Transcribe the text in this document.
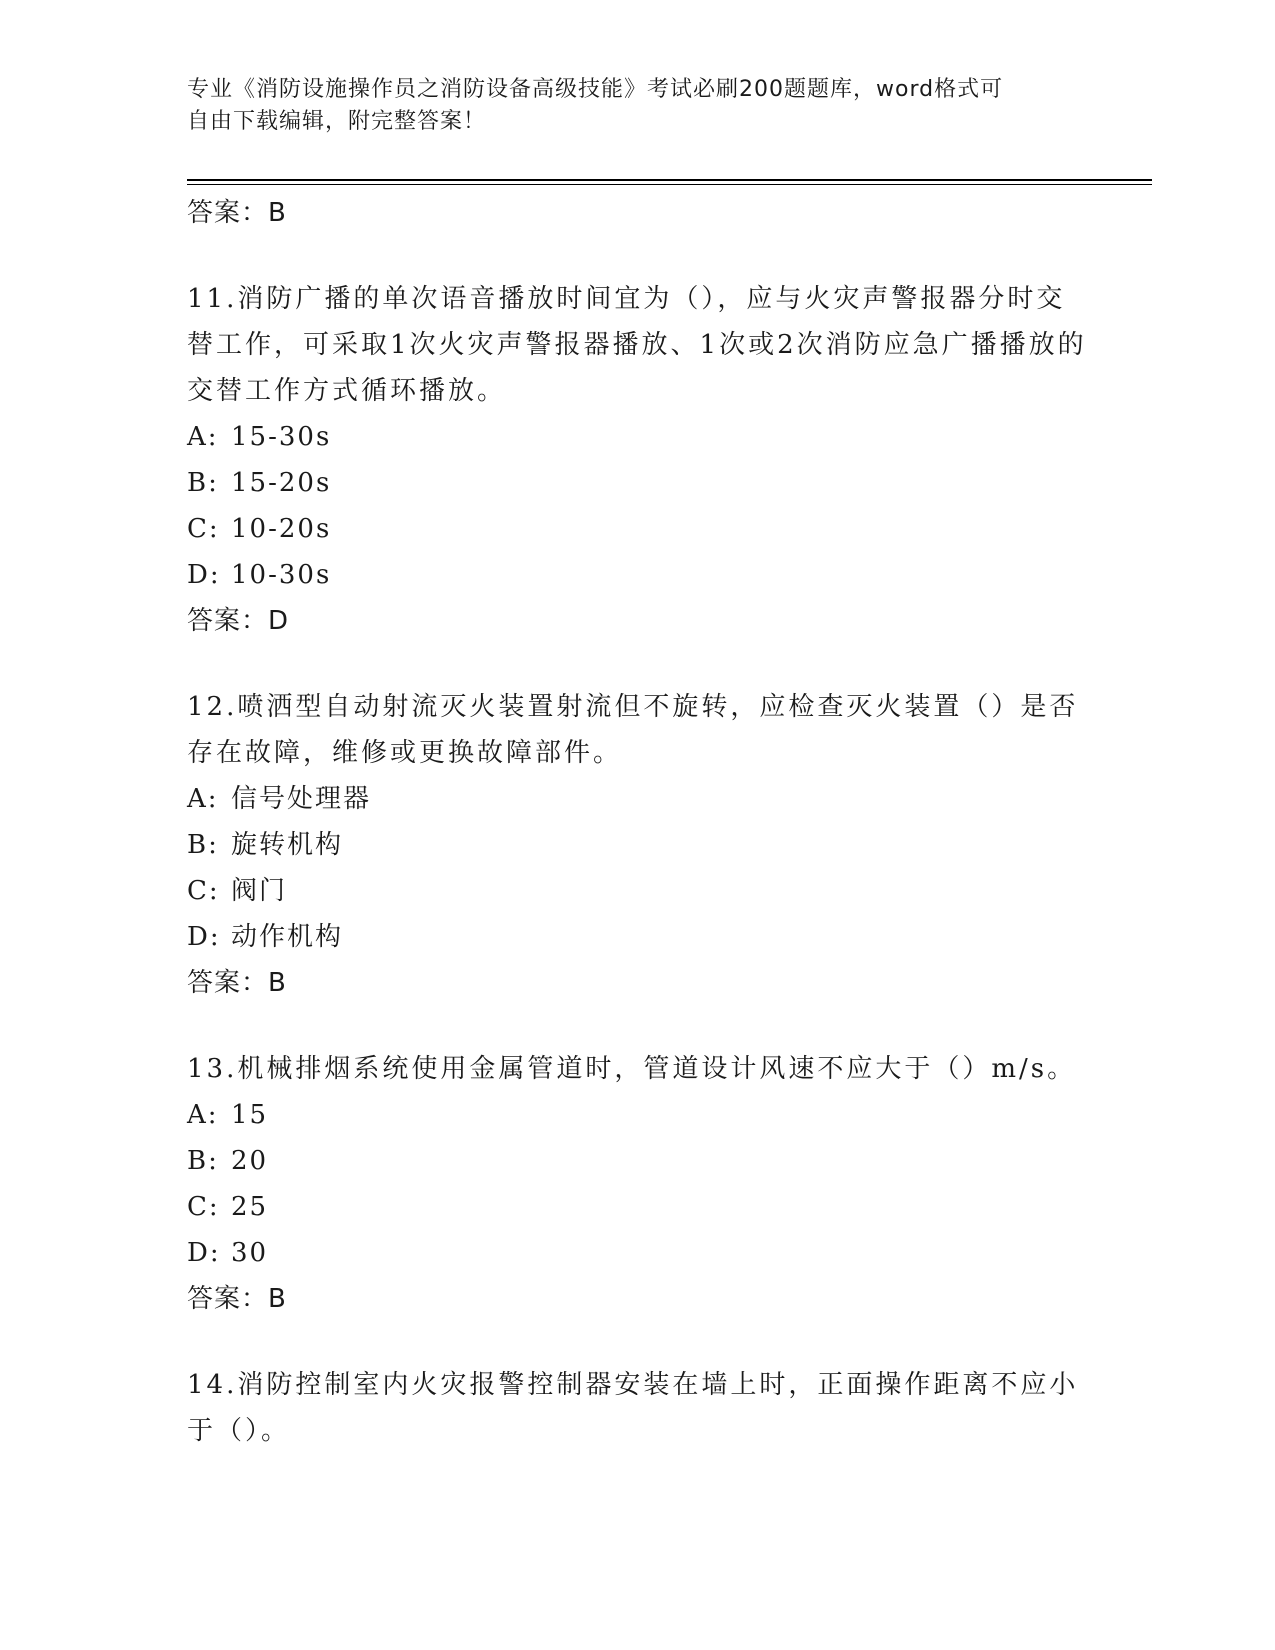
专业《消防设施操作员之消防设备高级技能》考试必刷200题题库，word格式可
自由下载编辑，附完整答案！
答案：B
11.消防广播的单次语音播放时间宜为（），应与火灾声警报器分时交替工作，可采取1次火灾声警报器播放、1次或2次消防应急广播播放的交替工作方式循环播放。
A: 15-30s
B: 15-20s
C: 10-20s
D: 10-30s
答案：D
12.喷洒型自动射流灭火装置射流但不旋转，应检查灭火装置（）是否存在故障，维修或更换故障部件。
A: 信号处理器
B: 旋转机构
C: 阀门
D: 动作机构
答案：B
13.机械排烟系统使用金属管道时，管道设计风速不应大于（）m/s。
A: 15
B: 20
C: 25
D: 30
答案：B
14.消防控制室内火灾报警控制器安装在墙上时，正面操作距离不应小于（）。
